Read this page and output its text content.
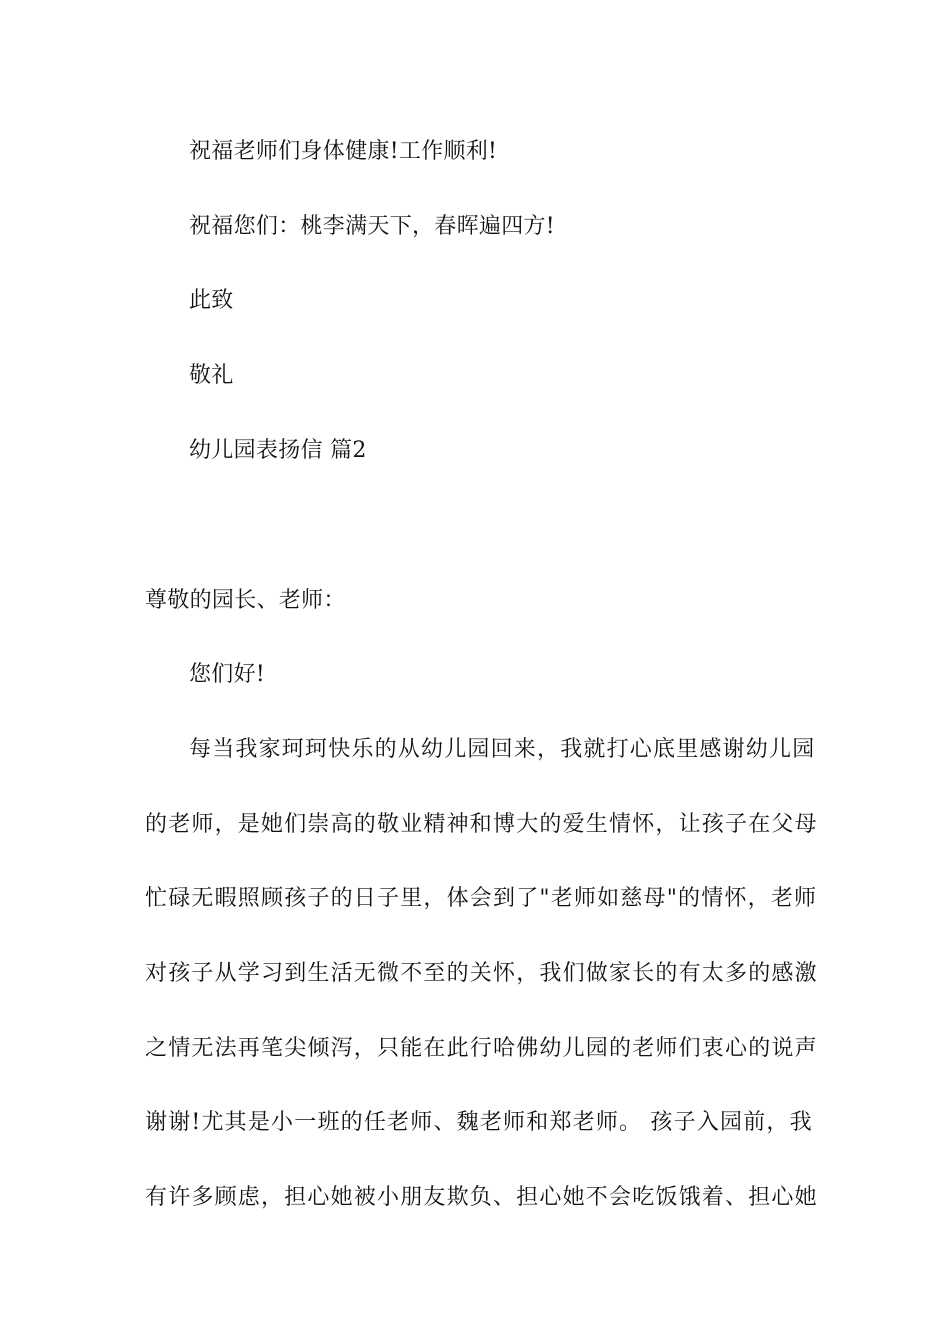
祝福老师们身体健康!工作顺利!
祝福您们：桃李满天下，春晖遍四方!
此致
敬礼
幼儿园表扬信 篇2
尊敬的园长、老师：
您们好!
每当我家珂珂快乐的从幼儿园回来，我就打心底里感谢幼儿园
的老师，是她们崇高的敬业精神和博大的爱生情怀，让孩子在父母
忙碌无暇照顾孩子的日子里，体会到了"老师如慈母"的情怀，老师
对孩子从学习到生活无微不至的关怀，我们做家长的有太多的感激
之情无法再笔尖倾泻，只能在此行哈佛幼儿园的老师们衷心的说声
谢谢!尤其是小一班的任老师、魏老师和郑老师。 孩子入园前，我
有许多顾虑，担心她被小朋友欺负、担心她不会吃饭饿着、担心她
